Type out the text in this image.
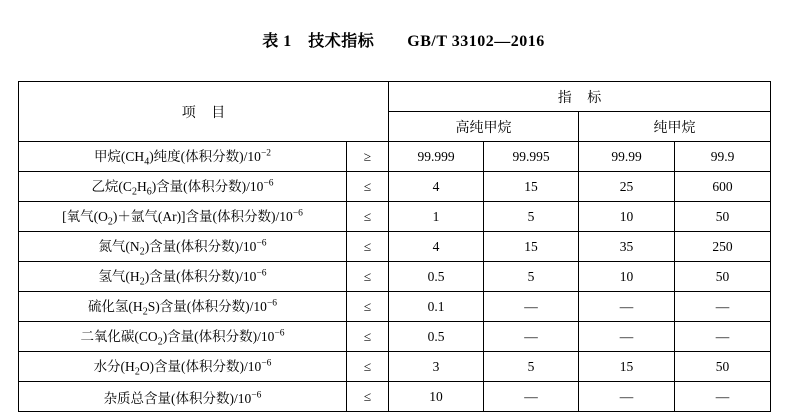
表 1　技术指标　　GB/T 33102—2016

项 目		指 标			
		高纯甲烷		纯甲烷	
甲烷$(CH_4)$纯度(体积分数)$/10^{-2}$	≥	99.999	99.995	99.99	99.9
乙烷$(C_2H_6)$含量(体积分数)$/10^{-6}$	≤	4	15	25	600
[氧气$(O_2)+$氩气(Ar)]含量(体积分数)$/10^{-6}$	≤	1	5	10	50
氮气$(N_2)$含量(体积分数)$/10^{-6}$	≤	4	15	35	250
氢气$(H_2)$含量(体积分数)$/10^{-6}$	≤	0.5	5	10	50
硫化氢$(H_2S)$含量(体积分数)$/10^{-6}$	≤	0.1	—	—	—
二氧化碳$(CO_2)$含量(体积分数)$/10^{-6}$	≤	0.5	—	—	—
水分$(H_2O)$含量(体积分数)$/10^{-6}$	≤	3	5	15	50
杂质总含量(体积分数)$/10^{-6}$	≤	10	—	—	—
